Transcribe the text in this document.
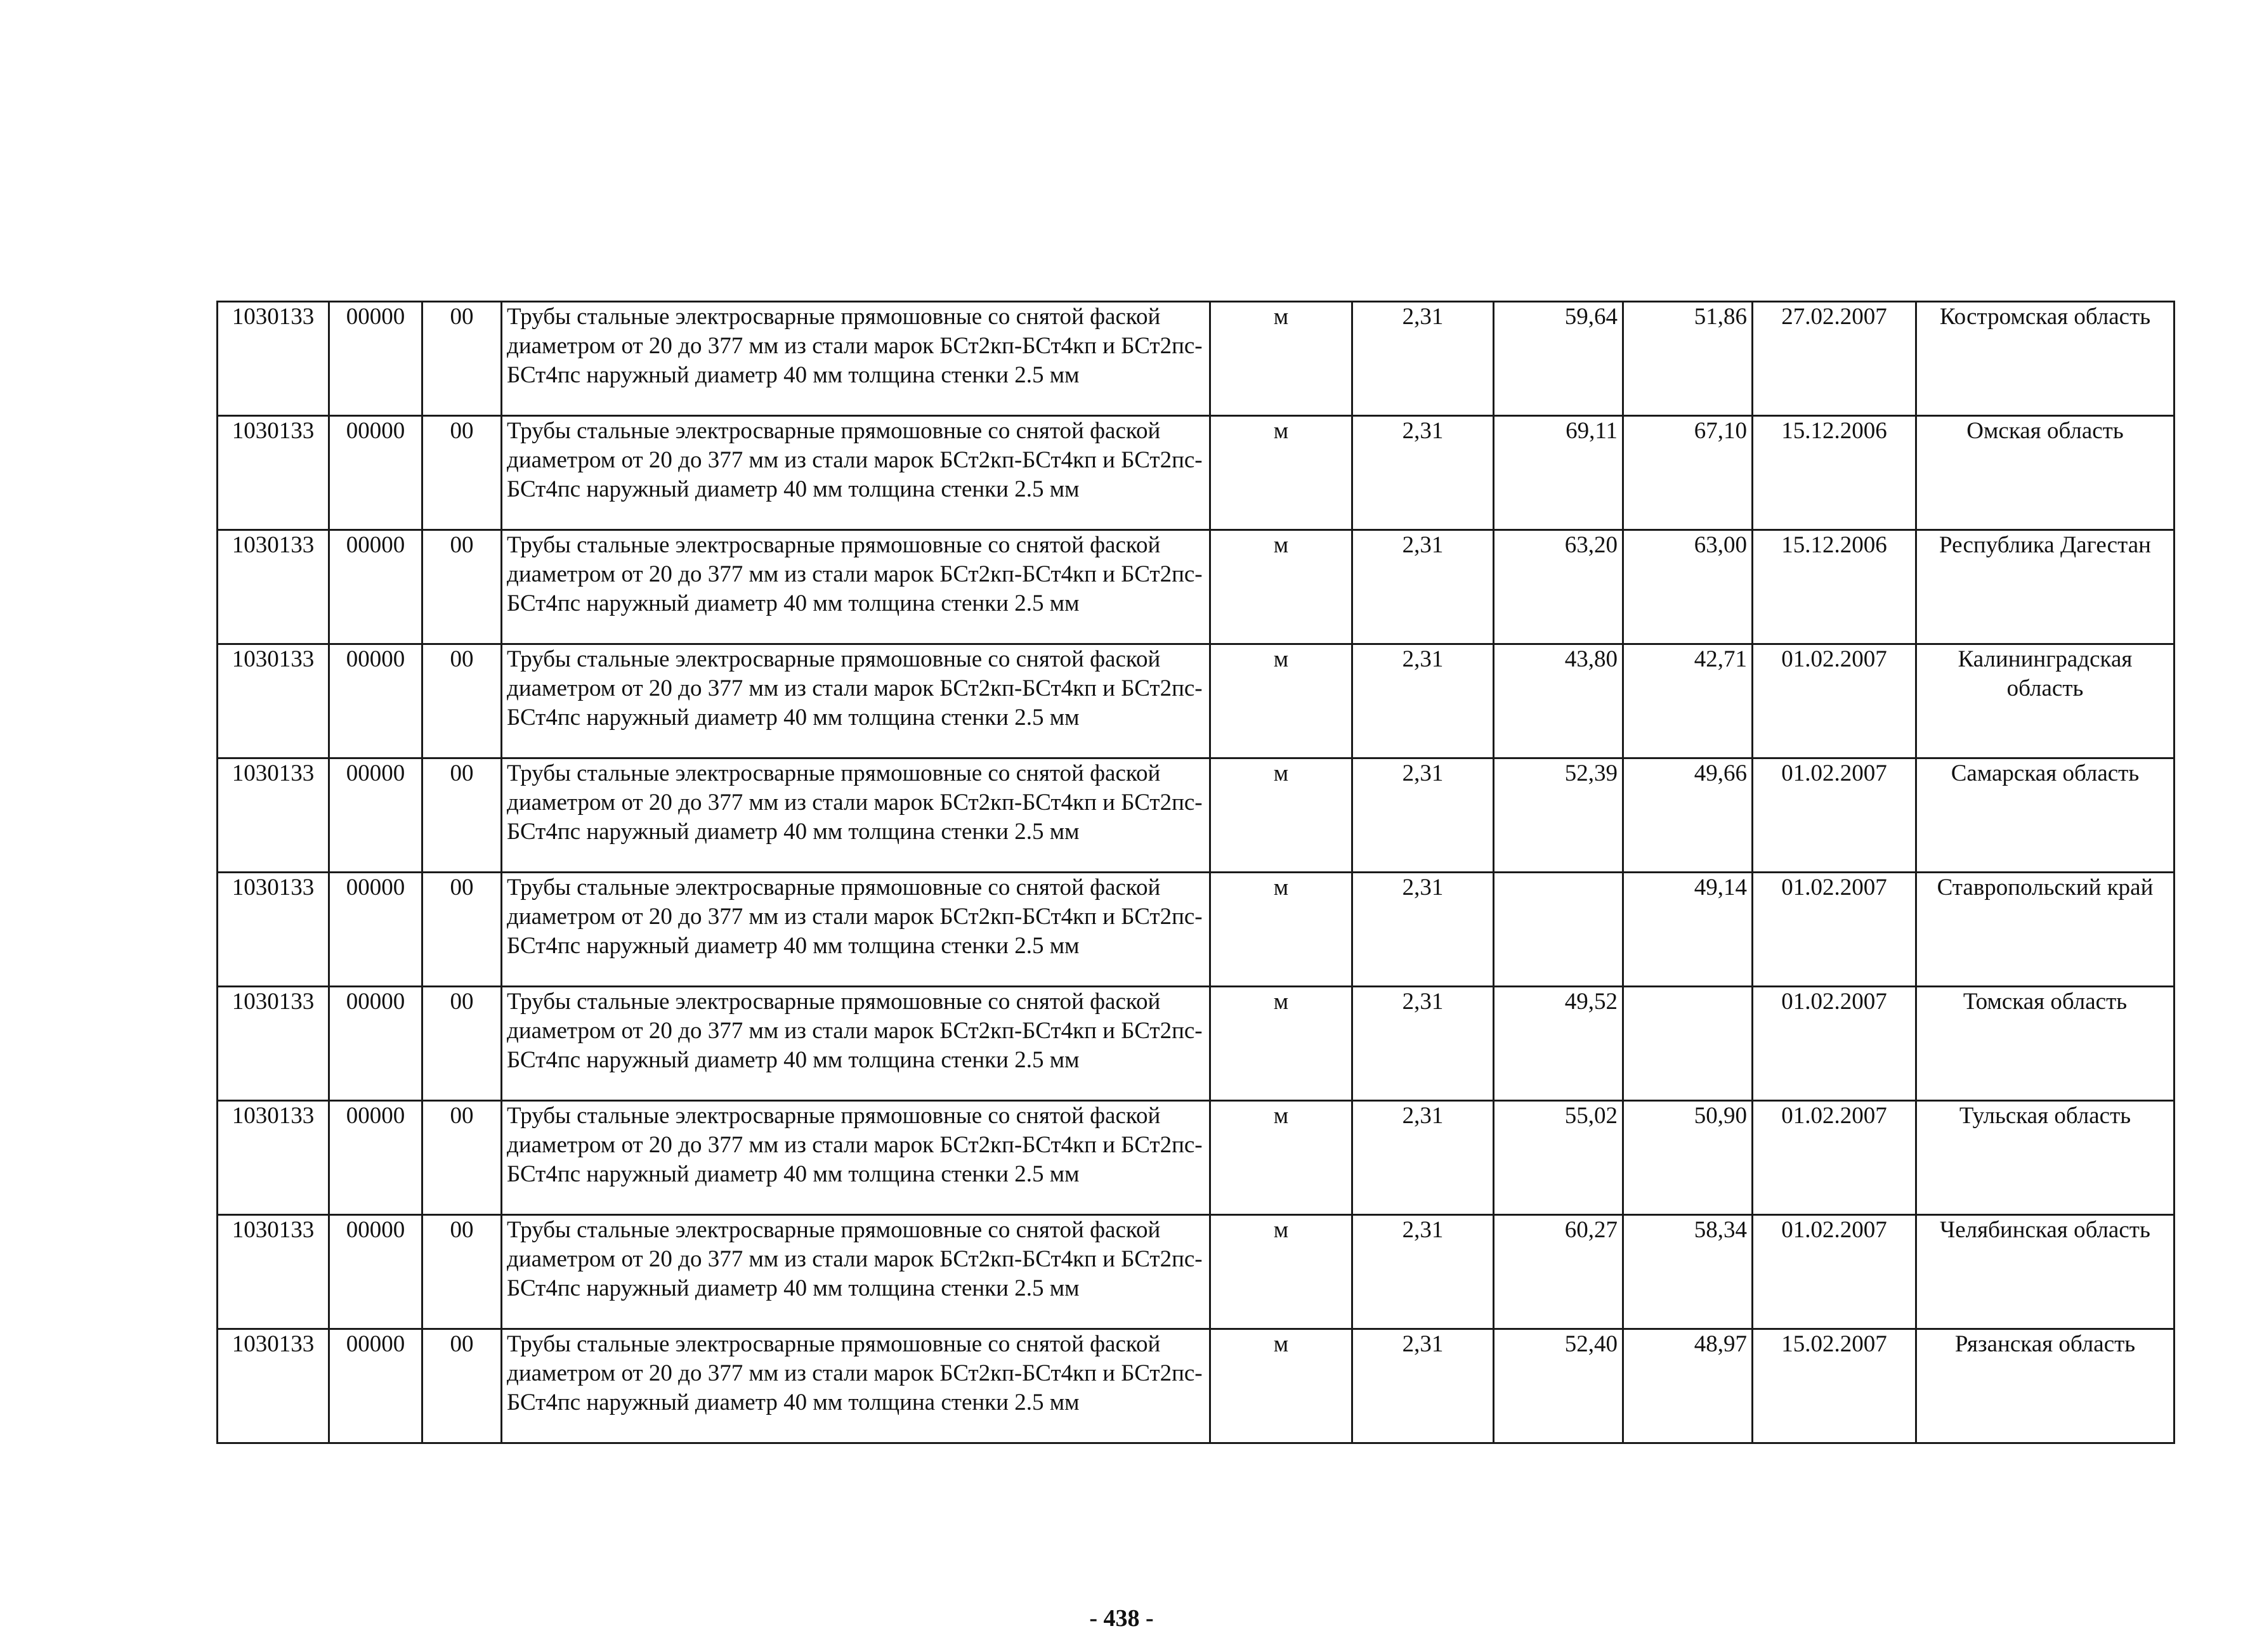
1030133	00000	00	Трубы стальные электросварные прямошовные со снятой фаской диаметром от 20 до 377 мм из стали марок БСт2кп-БСт4кп и БСт2пс-БСт4пс наружный диаметр 40 мм толщина стенки 2.5 мм	м	2,31	59,64	51,86	27.02.2007	Костромская область
1030133	00000	00	Трубы стальные электросварные прямошовные со снятой фаской диаметром от 20 до 377 мм из стали марок БСт2кп-БСт4кп и БСт2пс-БСт4пс наружный диаметр 40 мм толщина стенки 2.5 мм	м	2,31	69,11	67,10	15.12.2006	Омская область
1030133	00000	00	Трубы стальные электросварные прямошовные со снятой фаской диаметром от 20 до 377 мм из стали марок БСт2кп-БСт4кп и БСт2пс-БСт4пс наружный диаметр 40 мм толщина стенки 2.5 мм	м	2,31	63,20	63,00	15.12.2006	Республика Дагестан
1030133	00000	00	Трубы стальные электросварные прямошовные со снятой фаской диаметром от 20 до 377 мм из стали марок БСт2кп-БСт4кп и БСт2пс-БСт4пс наружный диаметр 40 мм толщина стенки 2.5 мм	м	2,31	43,80	42,71	01.02.2007	Калининградская область
1030133	00000	00	Трубы стальные электросварные прямошовные со снятой фаской диаметром от 20 до 377 мм из стали марок БСт2кп-БСт4кп и БСт2пс-БСт4пс наружный диаметр 40 мм толщина стенки 2.5 мм	м	2,31	52,39	49,66	01.02.2007	Самарская область
1030133	00000	00	Трубы стальные электросварные прямошовные со снятой фаской диаметром от 20 до 377 мм из стали марок БСт2кп-БСт4кп и БСт2пс-БСт4пс наружный диаметр 40 мм толщина стенки 2.5 мм	м	2,31		49,14	01.02.2007	Ставропольский край
1030133	00000	00	Трубы стальные электросварные прямошовные со снятой фаской диаметром от 20 до 377 мм из стали марок БСт2кп-БСт4кп и БСт2пс-БСт4пс наружный диаметр 40 мм толщина стенки 2.5 мм	м	2,31	49,52		01.02.2007	Томская область
1030133	00000	00	Трубы стальные электросварные прямошовные со снятой фаской диаметром от 20 до 377 мм из стали марок БСт2кп-БСт4кп и БСт2пс-БСт4пс наружный диаметр 40 мм толщина стенки 2.5 мм	м	2,31	55,02	50,90	01.02.2007	Тульская область
1030133	00000	00	Трубы стальные электросварные прямошовные со снятой фаской диаметром от 20 до 377 мм из стали марок БСт2кп-БСт4кп и БСт2пс-БСт4пс наружный диаметр 40 мм толщина стенки 2.5 мм	м	2,31	60,27	58,34	01.02.2007	Челябинская область
1030133	00000	00	Трубы стальные электросварные прямошовные со снятой фаской диаметром от 20 до 377 мм из стали марок БСт2кп-БСт4кп и БСт2пс-БСт4пс наружный диаметр 40 мм толщина стенки 2.5 мм	м	2,31	52,40	48,97	15.02.2007	Рязанская область
- 438 -
